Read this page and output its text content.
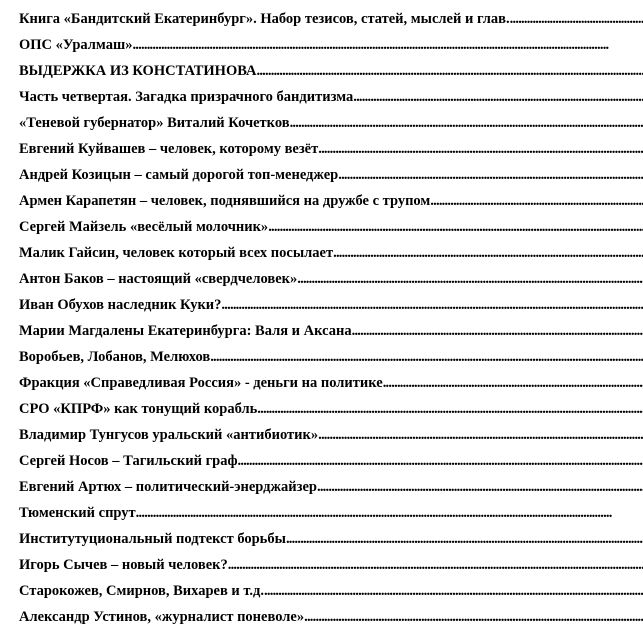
Книга «Бандитский Екатеринбург». Набор тезисов, статей, мыслей и глав.
. . .
ОПС «Уралмаш»
. . .
ВЫДЕРЖКА ИЗ КОНСТАТИНОВА
. . .
Часть четвертая. Загадка призрачного бандитизма
. . .
«Теневой губернатор» Виталий Кочетков
. . .
Евгений Куйвашев – человек, которому везёт
. . .
Андрей Козицын – самый дорогой топ-менеджер
. . .
Армен Карапетян – человек, поднявшийся на дружбе с трупом
. . .
Сергей Майзель «весёлый молочник»
. . .
Малик Гайсин, человек который всех посылает
. . .
Антон Баков – настоящий «свердчеловек»
. . .
Иван Обухов наследник Куки?
. . .
Марии Магдалены Екатеринбурга: Валя и Аксана
. . .
Воробьев, Лобанов, Мелюхов
. . .
Фракция «Справедливая Россия» - деньги на политике
. . .
СРО «КПРФ» как тонущий корабль
. . .
Владимир Тунгусов уральский «антибиотик»
. . .
Сергей Носов – Тагильский граф
. . .
Евгений Артюх – политический-энерджайзер
. . .
Тюменский спрут
. . .
Институтуциональный подтекст борьбы
. . .
Игорь Сычев – новый человек?
. . .
Старокожев, Смирнов, Вихарев и т.д.
. . .
Александр Устинов, «журналист поневоле»
. . .
